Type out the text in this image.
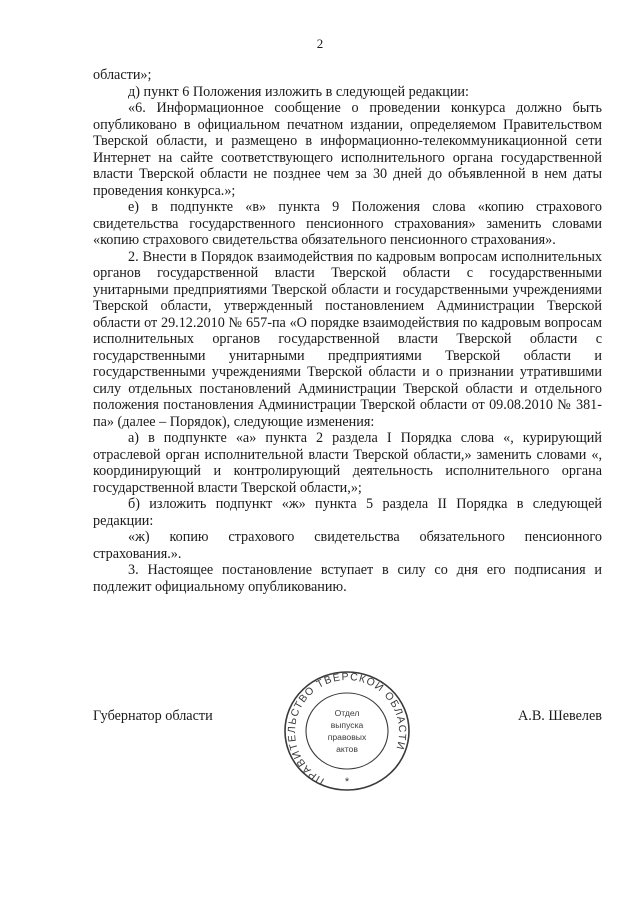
2

области»;

д) пункт 6 Положения изложить в следующей редакции:

«6. Информационное сообщение о проведении конкурса должно быть опубликовано в официальном печатном издании, определяемом Правительством Тверской области, и размещено в информационно-телекоммуникационной сети Интернет на сайте соответствующего исполнительного органа государственной власти Тверской области не позднее чем за 30 дней до объявленной в нем даты проведения конкурса.»;

е) в подпункте «в» пункта 9 Положения слова «копию страхового свидетельства государственного пенсионного страхования» заменить словами «копию страхового свидетельства обязательного пенсионного страхования».

2. Внести в Порядок взаимодействия по кадровым вопросам исполнительных органов государственной власти Тверской области с государственными унитарными предприятиями Тверской области и государственными учреждениями Тверской области, утвержденный постановлением Администрации Тверской области от 29.12.2010 № 657-па «О порядке взаимодействия по кадровым вопросам исполнительных органов государственной власти Тверской области с государственными унитарными предприятиями Тверской области и государственными учреждениями Тверской области и о признании утратившими силу отдельных постановлений Администрации Тверской области и отдельного положения постановления Администрации Тверской области от 09.08.2010 № 381-па» (далее – Порядок), следующие изменения:

а) в подпункте «а» пункта 2 раздела I Порядка слова «, курирующий отраслевой орган исполнительной власти Тверской области,» заменить словами «, координирующий и контролирующий деятельность исполнительного органа государственной власти Тверской области,»;

б) изложить подпункт «ж» пункта 5 раздела II Порядка в следующей редакции:

«ж) копию страхового свидетельства обязательного пенсионного страхования.».

3. Настоящее постановление вступает в силу со дня его подписания и подлежит официальному опубликованию.

Губернатор области	А.В. Шевелев
ПРАВИТЕЛЬСТВО ТВЕРСКОЙ ОБЛАСТИ
Отдел
выпуска
правовых
актов
*
